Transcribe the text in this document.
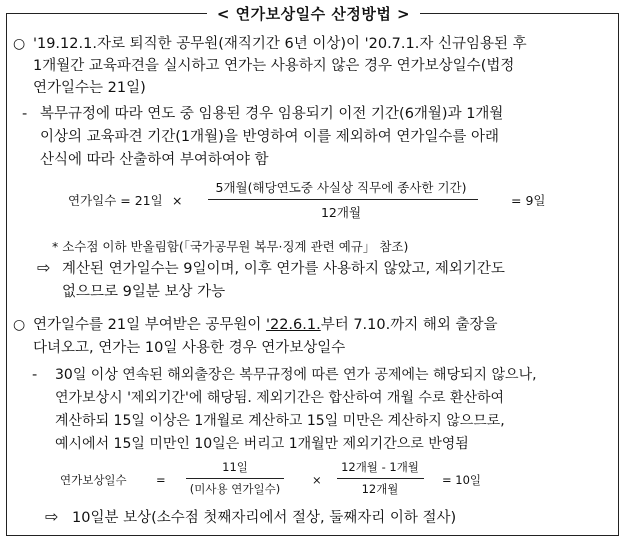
< 연가보상일수 산정방법 >
○ '19.12.1.자로 퇴직한 공무원(재직기간 6년 이상)이 '20.7.1.자 신규임용된 후
1개월간 교육파견을 실시하고 연가는 사용하지 않은 경우 연가보상일수(법정
연가일수는 21일)
- 복무규정에 따라 연도 중 임용된 경우 임용되기 이전 기간(6개월)과 1개월
이상의 교육파견 기간(1개월)을 반영하여 이를 제외하여 연가일수를 아래
산식에 따라 산출하여 부여하여야 함
연가일수 = 21일 ×
5개월(해당연도중 사실상 직무에 종사한 기간)
12개월
= 9일
* 소수점 이하 반올림함(「국가공무원 복무·징계 관련 예규」 참조)
⇨ 계산된 연가일수는 9일이며, 이후 연가를 사용하지 않았고, 제외기간도
없으므로 9일분 보상 가능
○ 연가일수를 21일 부여받은 공무원이 '22.6.1.부터 7.10.까지 해외 출장을
다녀오고, 연가는 10일 사용한 경우 연가보상일수
- 30일 이상 연속된 해외출장은 복무규정에 따른 연가 공제에는 해당되지 않으나,
연가보상시 '제외기간'에 해당됨. 제외기간은 합산하여 개월 수로 환산하여
계산하되 15일 이상은 1개월로 계산하고 15일 미만은 계산하지 않으므로,
예시에서 15일 미만인 10일은 버리고 1개월만 제외기간으로 반영됨
연가보상일수	=
11일
(미사용 연가일수)
×
12개월 - 1개월
12개월
= 10일
⇨ 10일분 보상(소수점 첫째자리에서 절상, 둘째자리 이하 절사)
